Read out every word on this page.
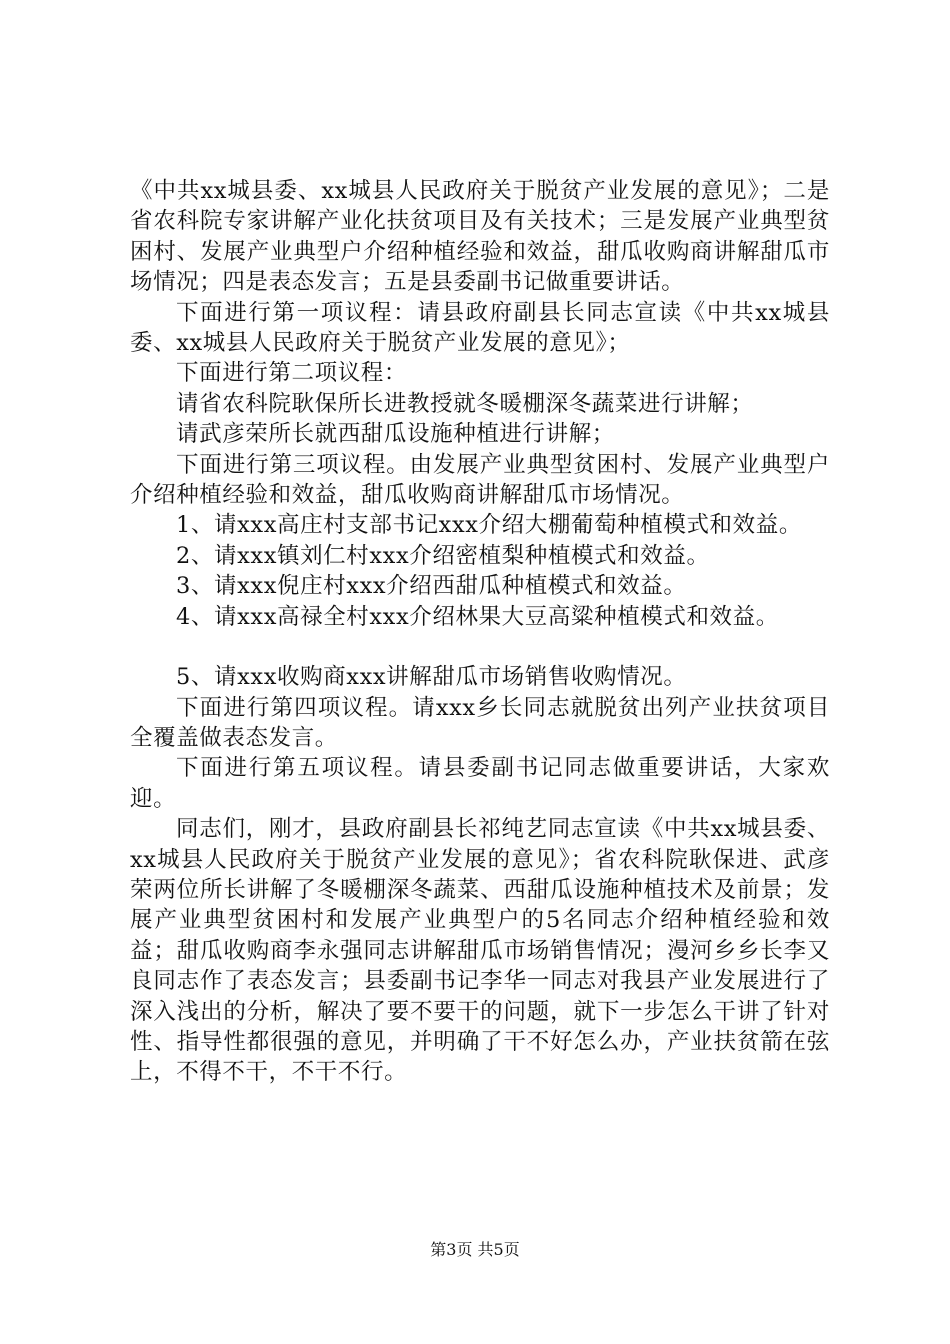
《中共xx城县委、xx城县人民政府关于脱贫产业发展的意见》；二是省农科院专家讲解产业化扶贫项目及有关技术；三是发展产业典型贫困村、发展产业典型户介绍种植经验和效益，甜瓜收购商讲解甜瓜市场情况；四是表态发言；五是县委副书记做重要讲话。

下面进行第一项议程：请县政府副县长同志宣读《中共xx城县委、xx城县人民政府关于脱贫产业发展的意见》；

下面进行第二项议程：

请省农科院耿保所长进教授就冬暖棚深冬蔬菜进行讲解；

请武彦荣所长就西甜瓜设施种植进行讲解；

下面进行第三项议程。由发展产业典型贫困村、发展产业典型户介绍种植经验和效益，甜瓜收购商讲解甜瓜市场情况。

1、请xxx高庄村支部书记xxx介绍大棚葡萄种植模式和效益。

2、请xxx镇刘仁村xxx介绍密植梨种植模式和效益。

3、请xxx倪庄村xxx介绍西甜瓜种植模式和效益。

4、请xxx高禄全村xxx介绍林果大豆高粱种植模式和效益。

5、请xxx收购商xxx讲解甜瓜市场销售收购情况。

下面进行第四项议程。请xxx乡长同志就脱贫出列产业扶贫项目全覆盖做表态发言。

下面进行第五项议程。请县委副书记同志做重要讲话，大家欢迎。

同志们，刚才，县政府副县长祁纯艺同志宣读《中共xx城县委、xx城县人民政府关于脱贫产业发展的意见》；省农科院耿保进、武彦荣两位所长讲解了冬暖棚深冬蔬菜、西甜瓜设施种植技术及前景；发展产业典型贫困村和发展产业典型户的5名同志介绍种植经验和效益；甜瓜收购商李永强同志讲解甜瓜市场销售情况；漫河乡乡长李又良同志作了表态发言；县委副书记李华一同志对我县产业发展进行了深入浅出的分析，解决了要不要干的问题，就下一步怎么干讲了针对性、指导性都很强的意见，并明确了干不好怎么办，产业扶贫箭在弦上，不得不干，不干不行。

第3页 共5页
